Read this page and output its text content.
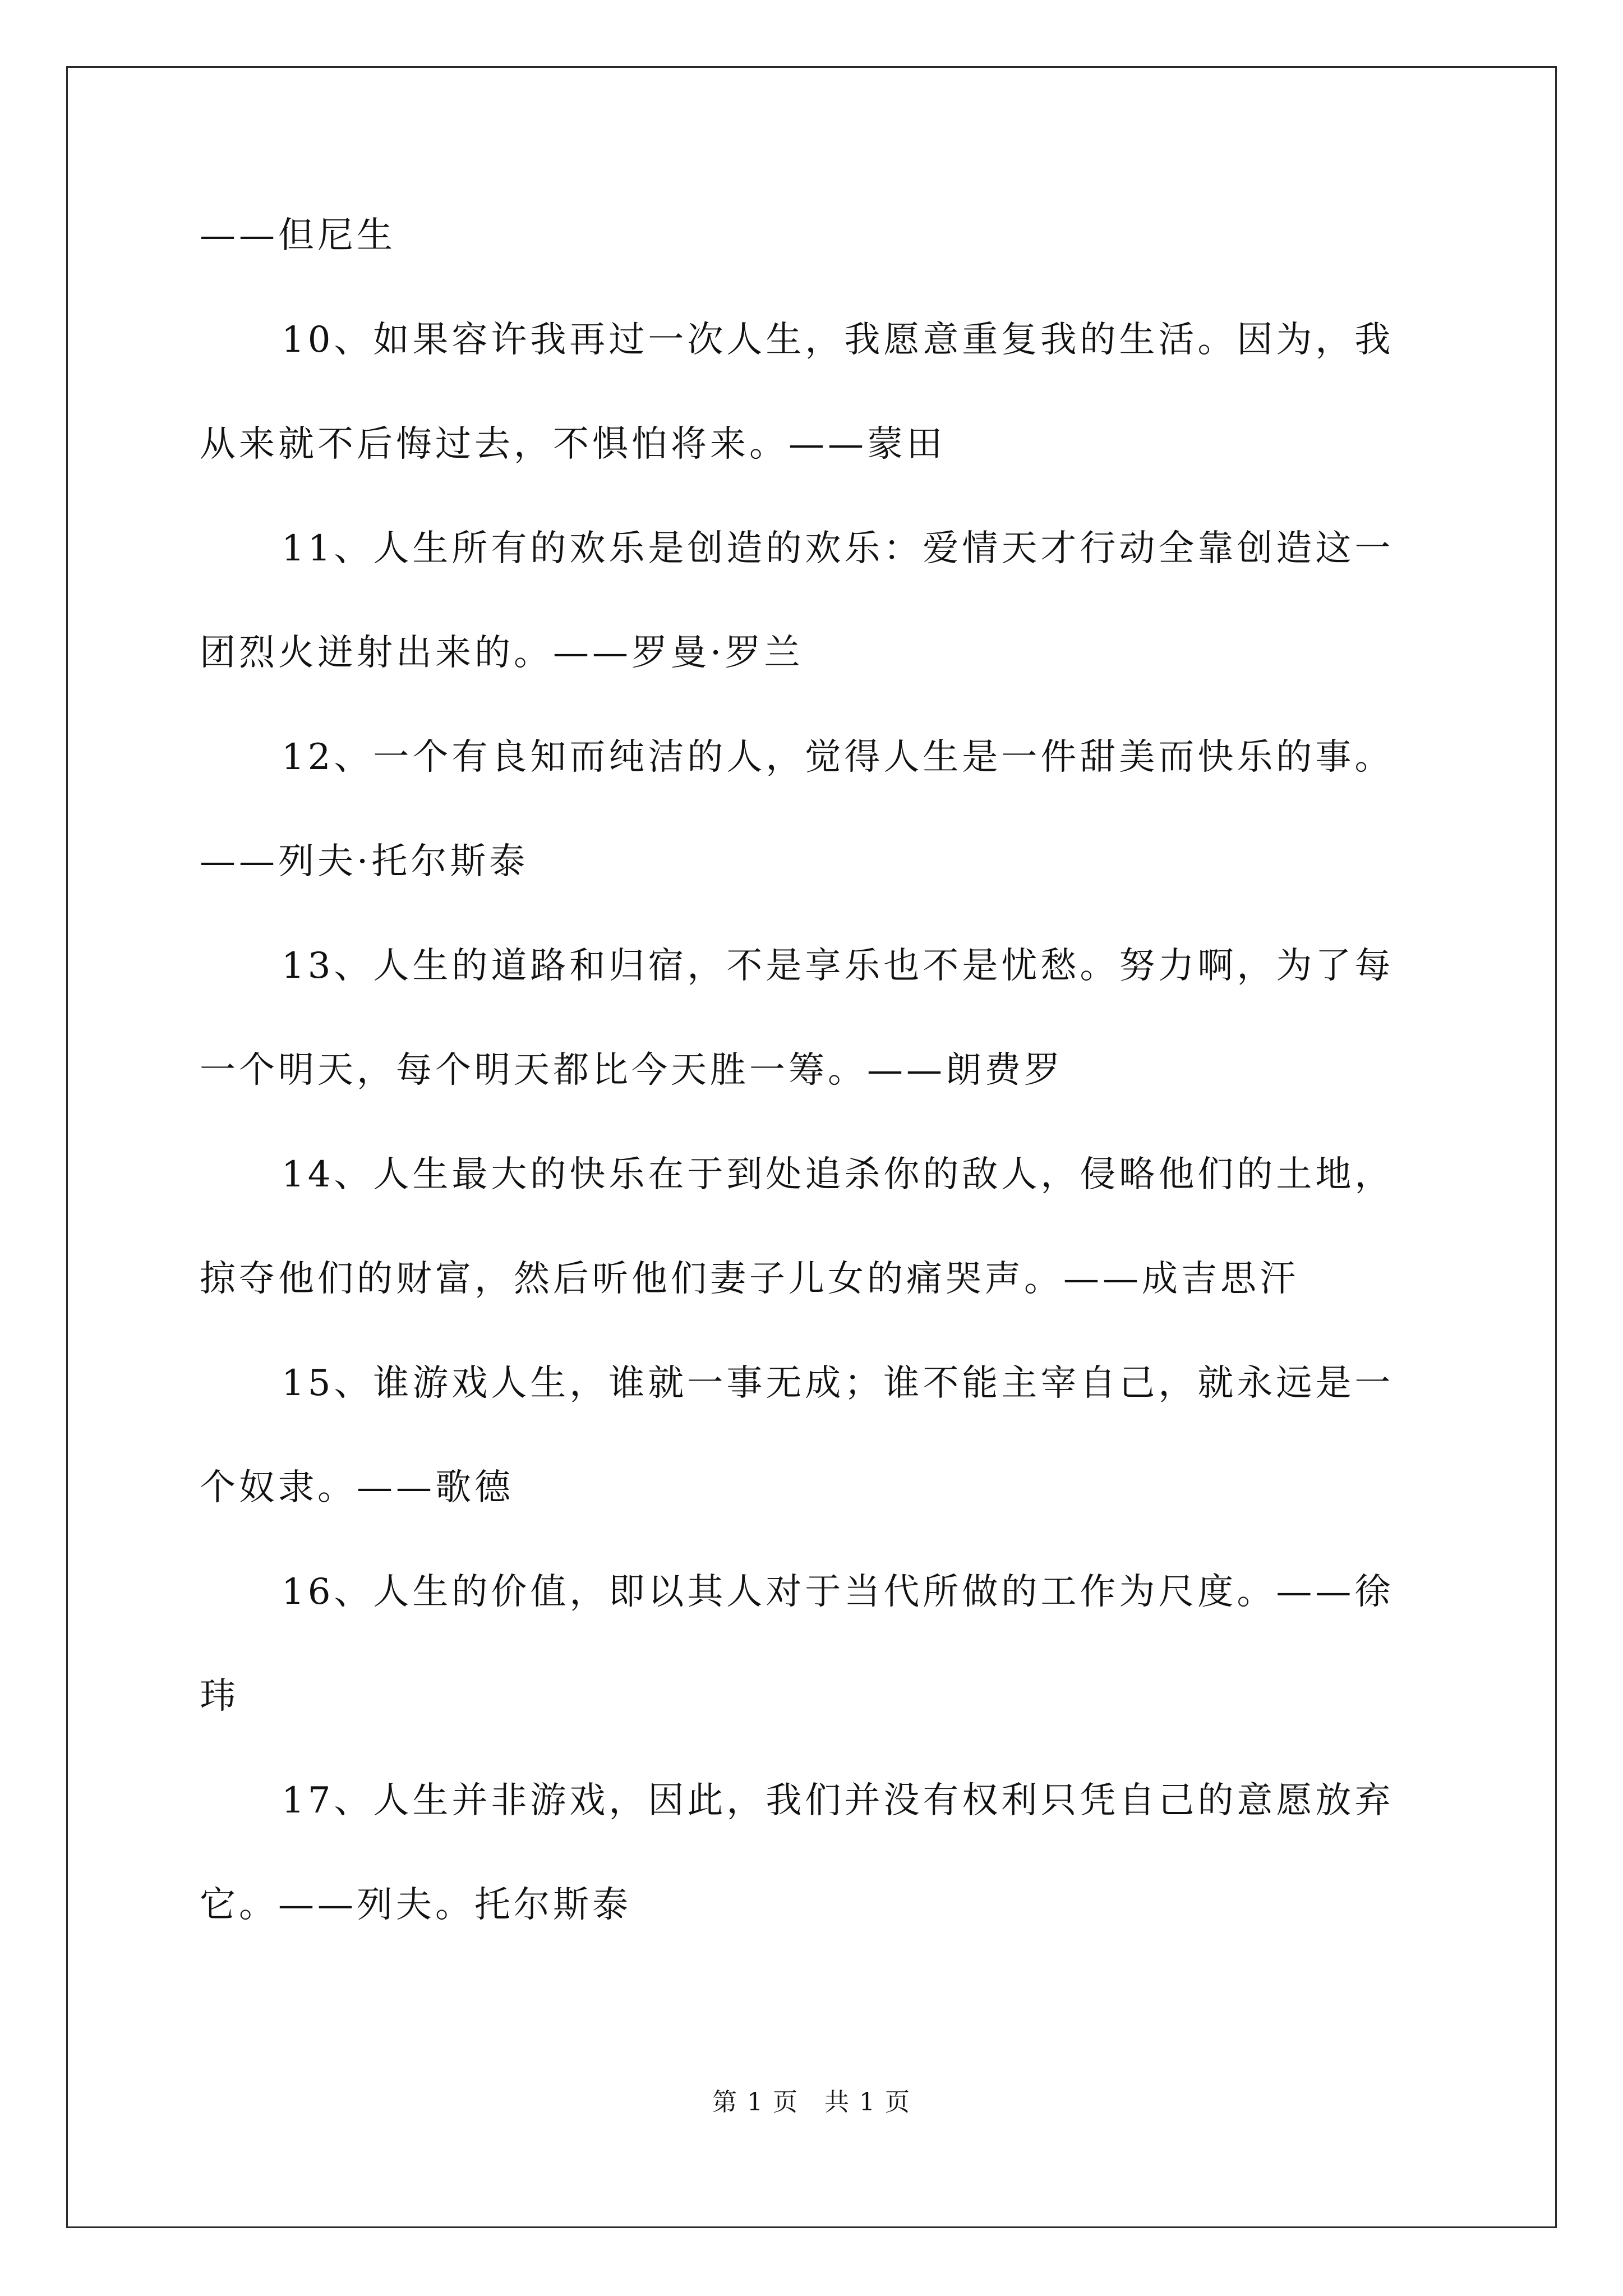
——但尼生
10、如果容许我再过一次人生，我愿意重复我的生活。因为，我
从来就不后悔过去，不惧怕将来。——蒙田
11、人生所有的欢乐是创造的欢乐：爱情天才行动全靠创造这一
团烈火迸射出来的。——罗曼·罗兰
12、一个有良知而纯洁的人，觉得人生是一件甜美而快乐的事。
——列夫·托尔斯泰
13、人生的道路和归宿，不是享乐也不是忧愁。努力啊，为了每
一个明天，每个明天都比今天胜一筹。——朗费罗
14、人生最大的快乐在于到处追杀你的敌人，侵略他们的土地，
掠夺他们的财富，然后听他们妻子儿女的痛哭声。——成吉思汗
15、谁游戏人生，谁就一事无成；谁不能主宰自己，就永远是一
个奴隶。——歌德
16、人生的价值，即以其人对于当代所做的工作为尺度。——徐
玮
17、人生并非游戏，因此，我们并没有权利只凭自己的意愿放弃
它。——列夫。托尔斯泰
第 1 页　共 1 页
